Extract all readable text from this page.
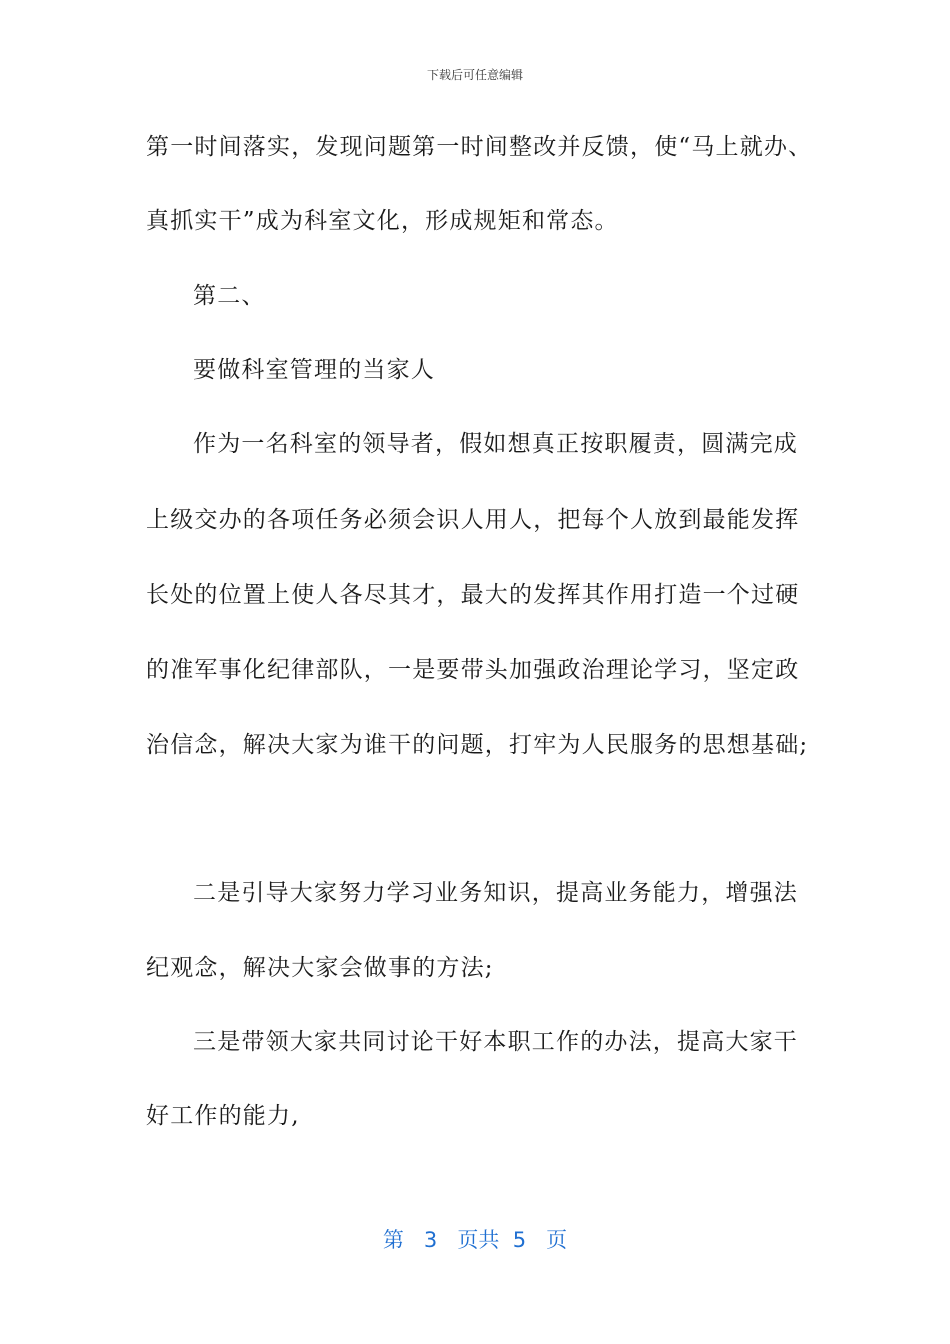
下载后可任意编辑
第一时间落实，发现问题第一时间整改并反馈，使“马上就办、
真抓实干”成为科室文化，形成规矩和常态。
第二、
要做科室管理的当家人
作为一名科室的领导者，假如想真正按职履责，圆满完成
上级交办的各项任务必须会识人用人，把每个人放到最能发挥
长处的位置上使人各尽其才，最大的发挥其作用打造一个过硬
的准军事化纪律部队，一是要带头加强政治理论学习，坚定政
治信念，解决大家为谁干的问题，打牢为人民服务的思想基础;
二是引导大家努力学习业务知识，提高业务能力，增强法
纪观念，解决大家会做事的方法;
三是带领大家共同讨论干好本职工作的办法，提高大家干
好工作的能力,
第 3 页共 5 页
